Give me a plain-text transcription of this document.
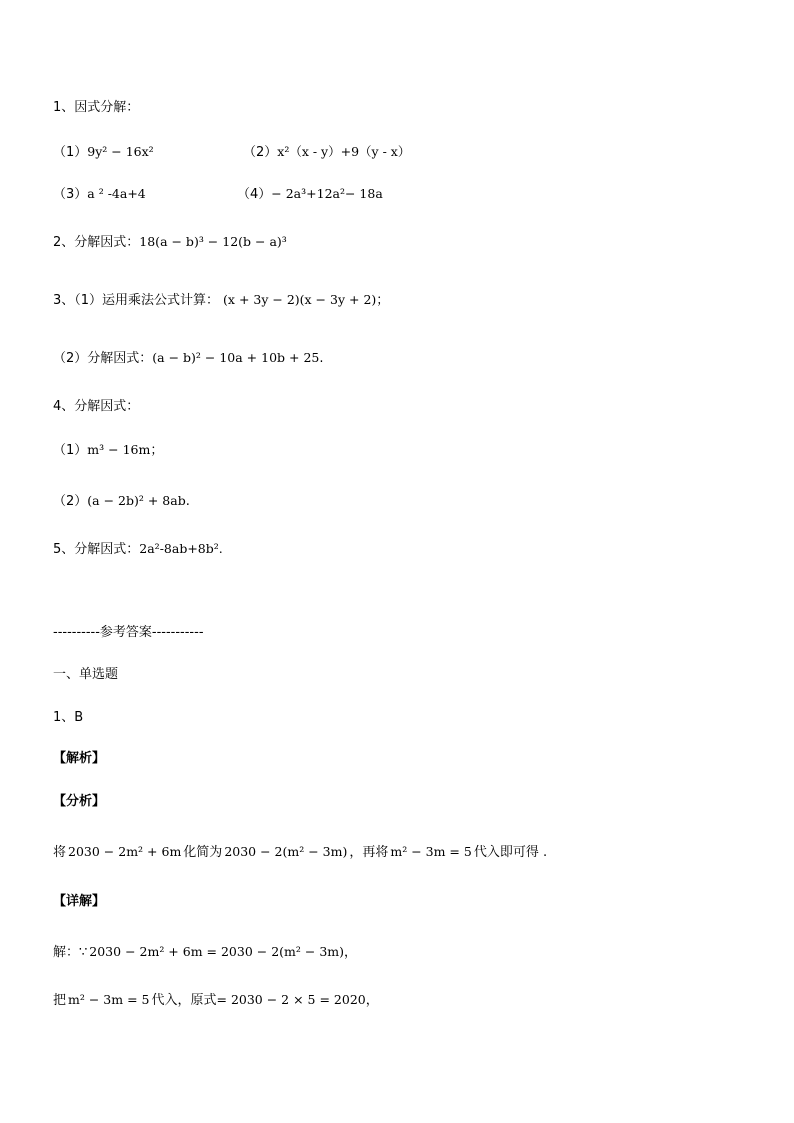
1、因式分解：
（1）9y² − 16x²	（2）x²（x - y）+9（y - x）
（3）a ² -4a+4	（4）− 2a³+12a²− 18a
2、分解因式：18(a − b)³ − 12(b − a)³
3、（1）运用乘法公式计算： (x + 3y − 2)(x − 3y + 2)；
（2）分解因式：(a − b)² − 10a + 10b + 25.
4、分解因式：
（1）m³ − 16m；
（2）(a − 2b)² + 8ab.
5、分解因式：2a²-8ab+8b².
----------参考答案-----------
一、单选题
1、B
【解析】
【分析】
将 2030 − 2m² + 6m 化简为 2030 − 2(m² − 3m) ，再将 m² − 3m = 5 代入即可得 .
【详解】
解：∵ 2030 − 2m² + 6m = 2030 − 2(m² − 3m)，
把 m² − 3m = 5 代入，原式= 2030 − 2 × 5 = 2020，
